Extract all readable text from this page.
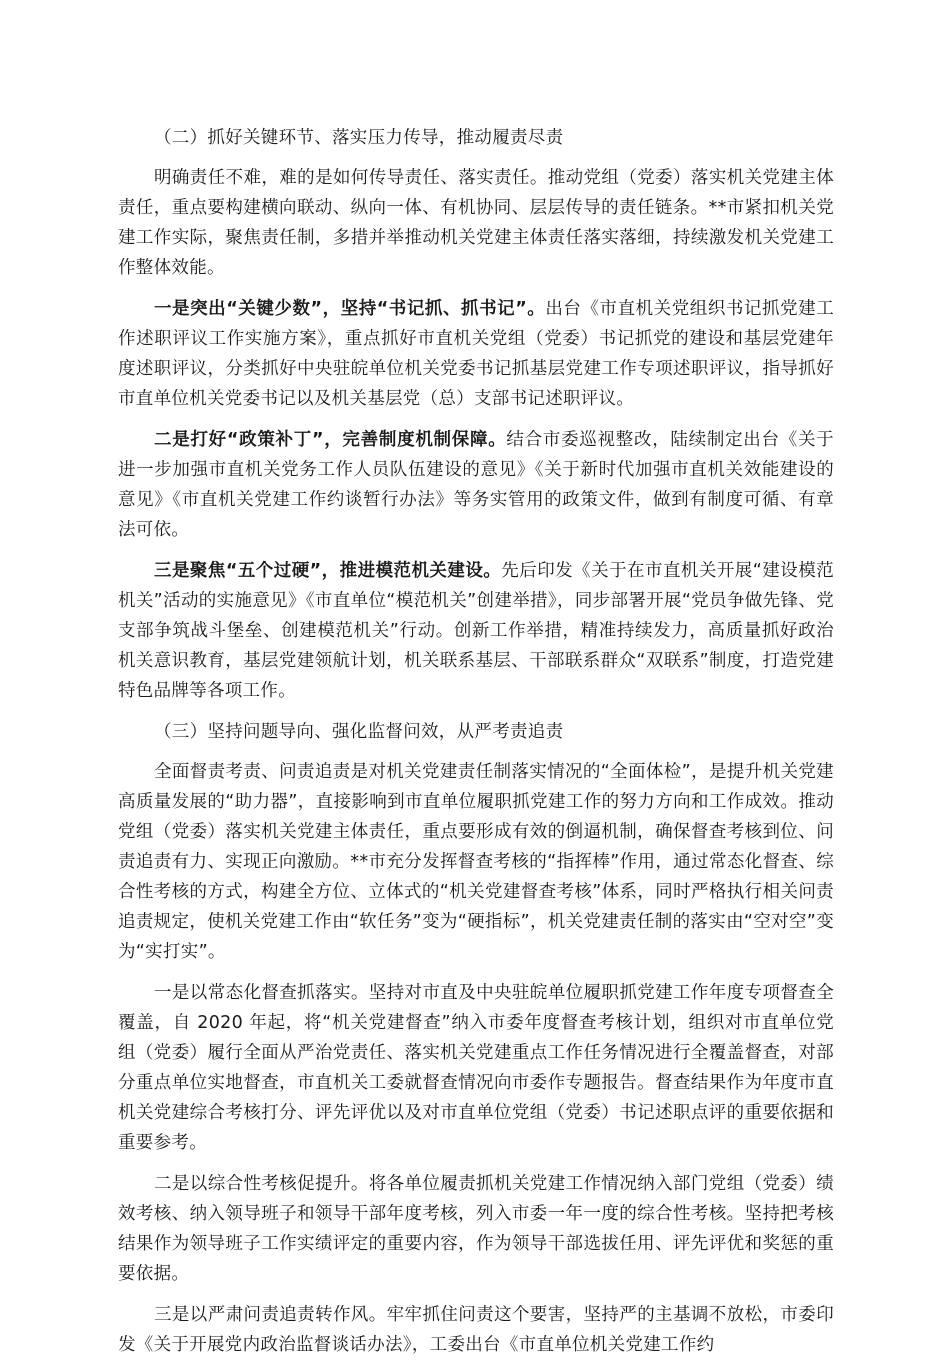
（二）抓好关键环节、落实压力传导，推动履责尽责

明确责任不难，难的是如何传导责任、落实责任。推动党组（党委）落实机关党建主体责任，重点要构建横向联动、纵向一体、有机协同、层层传导的责任链条。**市紧扣机关党建工作实际，聚焦责任制，多措并举推动机关党建主体责任落实落细，持续激发机关党建工作整体效能。

一是突出“关键少数”，坚持“书记抓、抓书记”。出台《市直机关党组织书记抓党建工作述职评议工作实施方案》，重点抓好市直机关党组（党委）书记抓党的建设和基层党建年度述职评议，分类抓好中央驻皖单位机关党委书记抓基层党建工作专项述职评议，指导抓好市直单位机关党委书记以及机关基层党（总）支部书记述职评议。

二是打好“政策补丁”，完善制度机制保障。结合市委巡视整改，陆续制定出台《关于进一步加强市直机关党务工作人员队伍建设的意见》《关于新时代加强市直机关效能建设的意见》《市直机关党建工作约谈暂行办法》等务实管用的政策文件，做到有制度可循、有章法可依。

三是聚焦“五个过硬”，推进模范机关建设。先后印发《关于在市直机关开展“建设模范机关”活动的实施意见》《市直单位“模范机关”创建举措》，同步部署开展“党员争做先锋、党支部争筑战斗堡垒、创建模范机关”行动。创新工作举措，精准持续发力，高质量抓好政治机关意识教育，基层党建领航计划，机关联系基层、干部联系群众“双联系”制度，打造党建特色品牌等各项工作。

（三）坚持问题导向、强化监督问效，从严考责追责

全面督责考责、问责追责是对机关党建责任制落实情况的“全面体检”，是提升机关党建高质量发展的“助力器”，直接影响到市直单位履职抓党建工作的努力方向和工作成效。推动党组（党委）落实机关党建主体责任，重点要形成有效的倒逼机制，确保督查考核到位、问责追责有力、实现正向激励。**市充分发挥督查考核的“指挥棒”作用，通过常态化督查、综合性考核的方式，构建全方位、立体式的“机关党建督查考核”体系，同时严格执行相关问责追责规定，使机关党建工作由“软任务”变为“硬指标”，机关党建责任制的落实由“空对空”变为“实打实”。

一是以常态化督查抓落实。坚持对市直及中央驻皖单位履职抓党建工作年度专项督查全覆盖，自 2020 年起，将“机关党建督查”纳入市委年度督查考核计划，组织对市直单位党组（党委）履行全面从严治党责任、落实机关党建重点工作任务情况进行全覆盖督查，对部分重点单位实地督查，市直机关工委就督查情况向市委作专题报告。督查结果作为年度市直机关党建综合考核打分、评先评优以及对市直单位党组（党委）书记述职点评的重要依据和重要参考。

二是以综合性考核促提升。将各单位履责抓机关党建工作情况纳入部门党组（党委）绩效考核、纳入领导班子和领导干部年度考核，列入市委一年一度的综合性考核。坚持把考核结果作为领导班子工作实绩评定的重要内容，作为领导干部选拔任用、评先评优和奖惩的重要依据。

三是以严肃问责追责转作风。牢牢抓住问责这个要害，坚持严的主基调不放松，市委印发《关于开展党内政治监督谈话办法》，工委出台《市直单位机关党建工作约
